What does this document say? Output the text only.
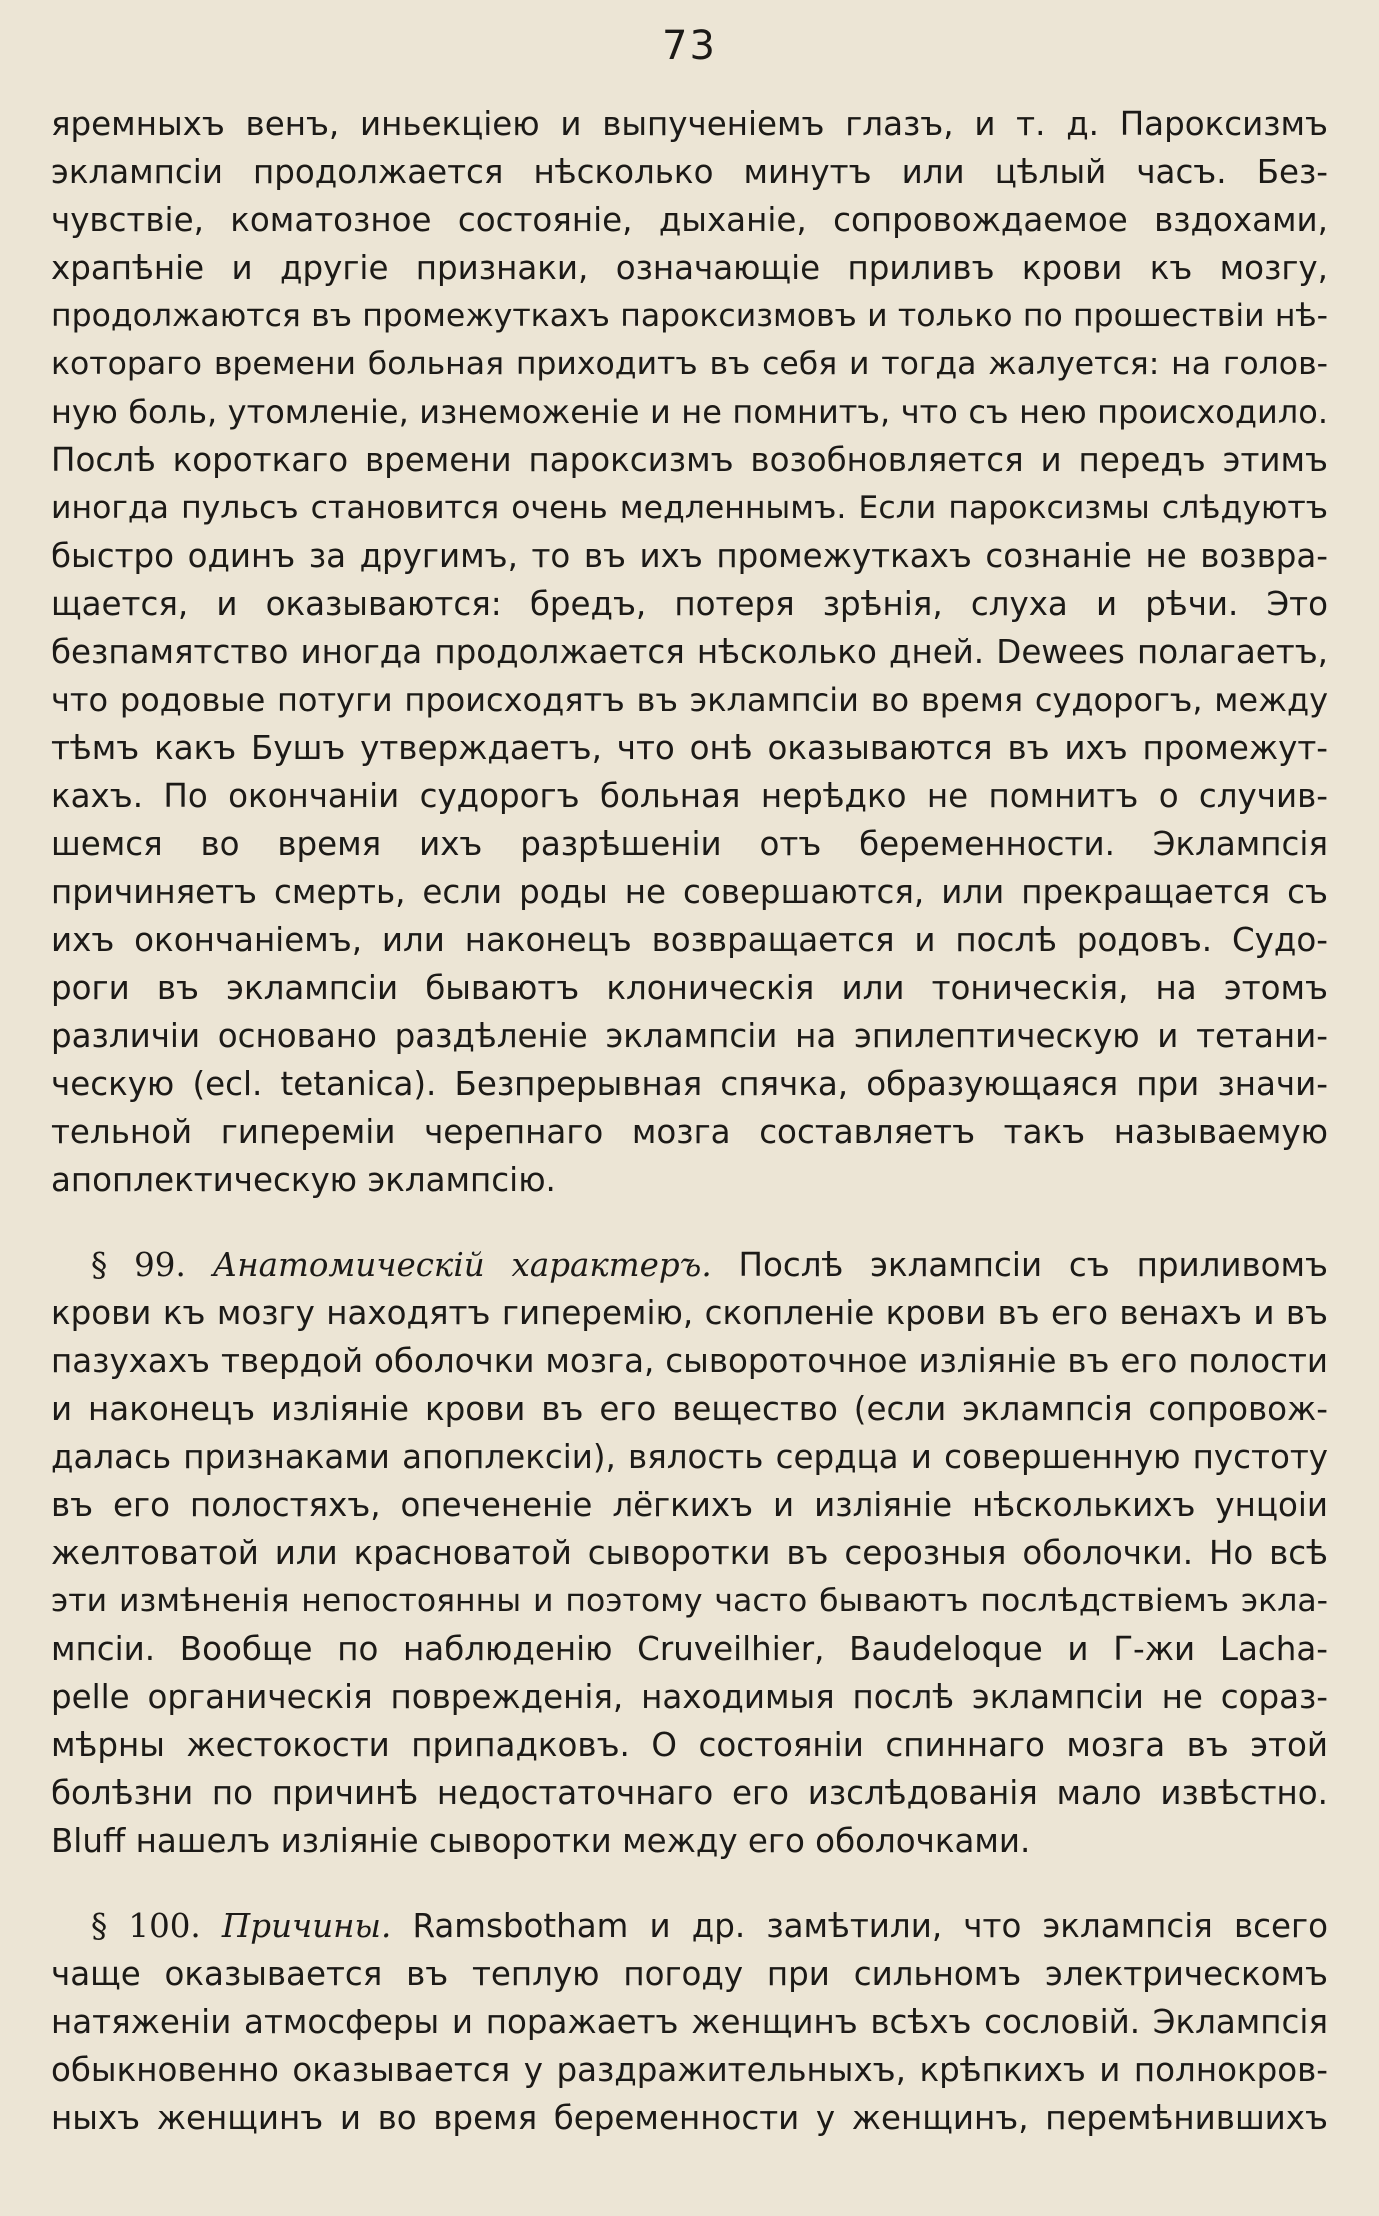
73
яремныхъ венъ, иньекціею и выпученіемъ глазъ, и т. д. Пароксизмъ
эклампсіи продолжается нѣсколько минутъ или цѣлый часъ. Без-
чувствіе, коматозное состояніе, дыханіе, сопровождаемое вздохами,
храпѣніе и другіе признаки, означающіе приливъ крови къ мозгу,
продолжаются въ промежуткахъ пароксизмовъ и только по прошествіи нѣ-
котораго времени больная приходитъ въ себя и тогда жалуется: на голов-
ную боль, утомленіе, изнеможеніе и не помнитъ, что съ нею происходило.
Послѣ короткаго времени пароксизмъ возобновляется и передъ этимъ
иногда пульсъ становится очень медленнымъ. Если пароксизмы слѣдуютъ
быстро одинъ за другимъ, то въ ихъ промежуткахъ сознаніе не возвра-
щается, и оказываются: бредъ, потеря зрѣнія, слуха и рѣчи. Это
безпамятство иногда продолжается нѣсколько дней. Dewees полагаетъ,
что родовые потуги происходятъ въ эклампсіи во время судорогъ, между
тѣмъ какъ Бушъ утверждаетъ, что онѣ оказываются въ ихъ промежут-
кахъ. По окончаніи судорогъ больная нерѣдко не помнитъ о случив-
шемся во время ихъ разрѣшеніи отъ беременности. Эклампсія
причиняетъ смерть, если роды не совершаются, или прекращается съ
ихъ окончаніемъ, или наконецъ возвращается и послѣ родовъ. Судо-
роги въ эклампсіи бываютъ клоническія или тоническія, на этомъ
различіи основано раздѣленіе эклампсіи на эпилептическую и тетани-
ческую (ecl. tetanica). Безпрерывная спячка, образующаяся при значи-
тельной гипереміи черепнаго мозга составляетъ такъ называемую
апоплектическую эклампсію.
§ 99. Анатомическій характеръ. Послѣ эклампсіи съ приливомъ
крови къ мозгу находятъ гиперемію, скопленіе крови въ его венахъ и въ
пазухахъ твердой оболочки мозга, сывороточное изліяніе въ его полости
и наконецъ изліяніе крови въ его вещество (если эклампсія сопровож-
далась признаками апоплексіи), вялость сердца и совершенную пустоту
въ его полостяхъ, опечененіе лёгкихъ и изліяніе нѣсколькихъ унцоіи
желтоватой или красноватой сыворотки въ серозныя оболочки. Но всѣ
эти измѣненія непостоянны и поэтому часто бываютъ послѣдствіемъ экла-
мпсіи. Вообще по наблюденію Cruveilhier, Baudeloque и Г-жи Lacha-
pelle органическія поврежденія, находимыя послѣ эклампсіи не сораз-
мѣрны жестокости припадковъ. О состояніи спиннаго мозга въ этой
болѣзни по причинѣ недостаточнаго его изслѣдованія мало извѣстно.
Bluff нашелъ изліяніе сыворотки между его оболочками.
§ 100. Причины. Ramsbotham и др. замѣтили, что эклампсія всего
чаще оказывается въ теплую погоду при сильномъ электрическомъ
натяженіи атмосферы и поражаетъ женщинъ всѣхъ сословій. Эклампсія
обыкновенно оказывается у раздражительныхъ, крѣпкихъ и полнокров-
ныхъ женщинъ и во время беременности у женщинъ, перемѣнившихъ
